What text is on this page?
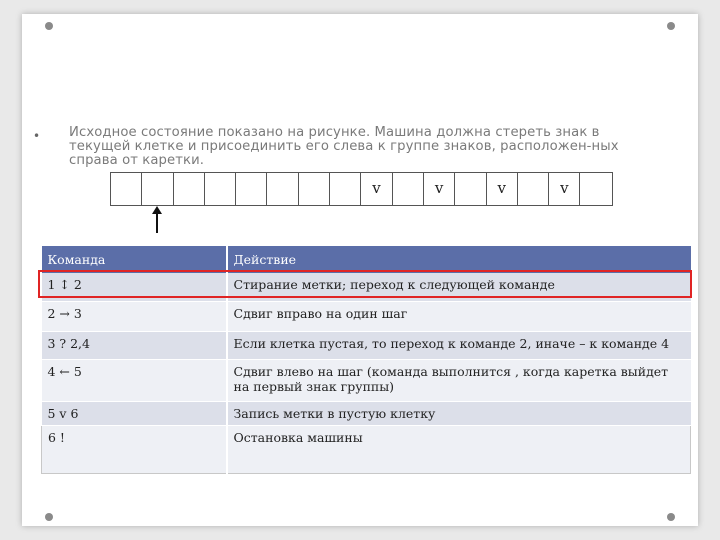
• Исходное состояние показано на рисунке. Машина должна стереть знак в
текущей клетке и присоединить его слева к группе знаков, расположен-ных
справа от каретки.
v	v	v	v
Команда	Действие
1 ↕ 2	Стирание метки; переход к следующей команде
2 → 3	Сдвиг вправо на один шаг
3 ? 2,4	Если клетка пустая, то переход к команде 2, иначе – к команде 4
4 ← 5	Сдвиг влево на шаг (команда выполнится , когда каретка выйдет на первый знак группы)
5 v 6	Запись метки в пустую клетку
6 !	Остановка машины
